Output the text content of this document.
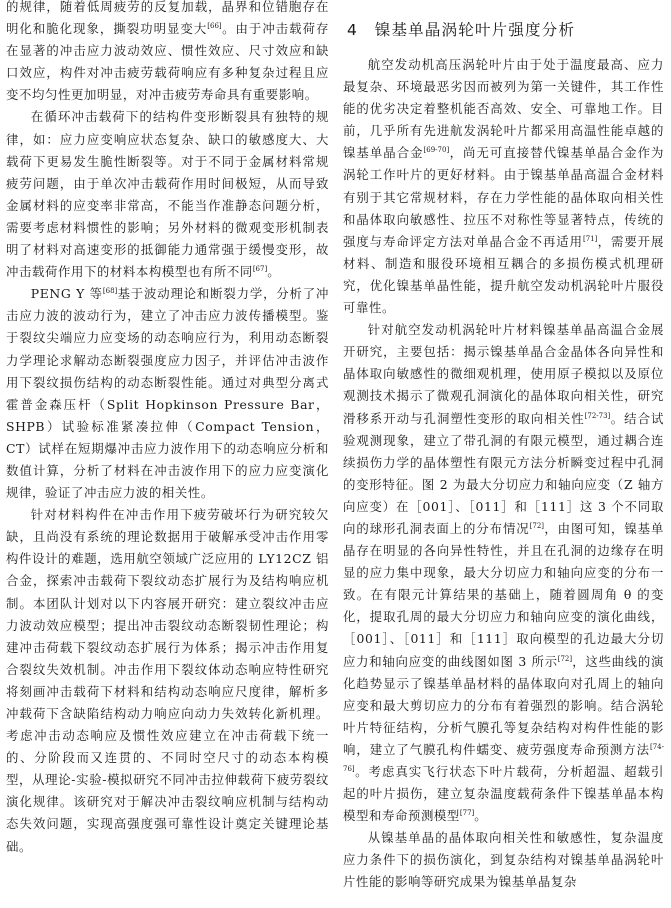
的规律，随着低周疲劳的反复加载，晶界和位错胞存在明化和脆化现象，撕裂功明显变大[66]。由于冲击载荷存在显著的冲击应力波动效应、惯性效应、尺寸效应和缺口效应，构件对冲击疲劳载荷响应有多种复杂过程且应变不均匀性更加明显，对冲击疲劳寿命具有重要影响。

在循环冲击载荷下的结构件变形断裂具有独特的规律，如：应力应变响应状态复杂、缺口的敏感度大、大载荷下更易发生脆性断裂等。对于不同于金属材料常规疲劳问题，由于单次冲击载荷作用时间极短，从而导致金属材料的应变率非常高，不能当作准静态问题分析，需要考虑材料惯性的影响；另外材料的微观变形机制表明了材料对高速变形的抵御能力通常强于缓慢变形，故冲击载荷作用下的材料本构模型也有所不同[67]。

PENG Y 等[68]基于波动理论和断裂力学，分析了冲击应力波的波动行为，建立了冲击应力波传播模型。鉴于裂纹尖端应力应变场的动态响应行为，利用动态断裂力学理论求解动态断裂强度应力因子，并评估冲击波作用下裂纹损伤结构的动态断裂性能。通过对典型分离式霍普金森压杆（Split Hopkinson Pressure Bar，SHPB）试验标准紧凑拉伸（Compact Tension，CT）试样在短期爆冲击应力波作用下的动态响应分析和数值计算，分析了材料在冲击波作用下的应力应变演化规律，验证了冲击应力波的相关性。

针对材料构件在冲击作用下疲劳破坏行为研究较欠缺，且尚没有系统的理论数据用于破解承受冲击作用零构件设计的难题，选用航空领域广泛应用的 LY12CZ 铝合金，探索冲击载荷下裂纹动态扩展行为及结构响应机制。本团队计划对以下内容展开研究：建立裂纹冲击应力波动效应模型；提出冲击裂纹动态断裂韧性理论；构建冲击荷载下裂纹动态扩展行为体系；揭示冲击作用复合裂纹失效机制。冲击作用下裂纹体动态响应特性研究将刻画冲击载荷下材料和结构动态响应尺度律，解析多冲载荷下含缺陷结构动力响应向动力失效转化新机理。考虑冲击动态响应及惯性效应建立在冲击荷载下统一的、分阶段而又连贯的、不同时空尺寸的动态本构模型，从理论-实验-模拟研究不同冲击拉伸载荷下疲劳裂纹演化规律。该研究对于解决冲击裂纹响应机制与结构动态失效问题，实现高强度强可靠性设计奠定关键理论基础。

4　镍基单晶涡轮叶片强度分析

航空发动机高压涡轮叶片由于处于温度最高、应力最复杂、环境最恶劣因而被列为第一关键件，其工作性能的优劣决定着整机能否高效、安全、可靠地工作。目前，几乎所有先进航发涡轮叶片都采用高温性能卓越的镍基单晶合金[69-70]，尚无可直接替代镍基单晶合金作为涡轮工作叶片的更好材料。由于镍基单晶高温合金材料有别于其它常规材料，存在力学性能的晶体取向相关性和晶体取向敏感性、拉压不对称性等显著特点，传统的强度与寿命评定方法对单晶合金不再适用[71]，需要开展材料、制造和服役环境相互耦合的多损伤模式机理研究，优化镍基单晶性能，提升航空发动机涡轮叶片服役可靠性。

针对航空发动机涡轮叶片材料镍基单晶高温合金展开研究，主要包括：揭示镍基单晶合金晶体各向异性和晶体取向敏感性的微细观机理，使用原子模拟以及原位观测技术揭示了微观孔洞演化的晶体取向相关性，研究滑移系开动与孔洞塑性变形的取向相关性[72-73]。结合试验观测现象，建立了带孔洞的有限元模型，通过耦合连续损伤力学的晶体塑性有限元方法分析瞬变过程中孔洞的变形特征。图 2 为最大分切应力和轴向应变（Z 轴方向应变）在［001］、［011］和［111］这 3 个不同取向的球形孔洞表面上的分布情况[72]，由图可知，镍基单晶存在明显的各向异性特性，并且在孔洞的边缘存在明显的应力集中现象，最大分切应力和轴向应变的分布一致。在有限元计算结果的基础上，随着圆周角 θ 的变化，提取孔周的最大分切应力和轴向应变的演化曲线，［001］、［011］和［111］取向模型的孔边最大分切应力和轴向应变的曲线图如图 3 所示[72]，这些曲线的演化趋势显示了镍基单晶材料的晶体取向对孔周上的轴向应变和最大剪切应力的分布有着强烈的影响。结合涡轮叶片特征结构，分析气膜孔等复杂结构对构件性能的影响，建立了气膜孔构件蠕变、疲劳强度寿命预测方法[74-76]。考虑真实飞行状态下叶片载荷，分析超温、超载引起的叶片损伤，建立复杂温度载荷条件下镍基单晶本构模型和寿命预测模型[77]。

从镍基单晶的晶体取向相关性和敏感性，复杂温度应力条件下的损伤演化，到复杂结构对镍基单晶涡轮叶片性能的影响等研究成果为镍基单晶复杂
